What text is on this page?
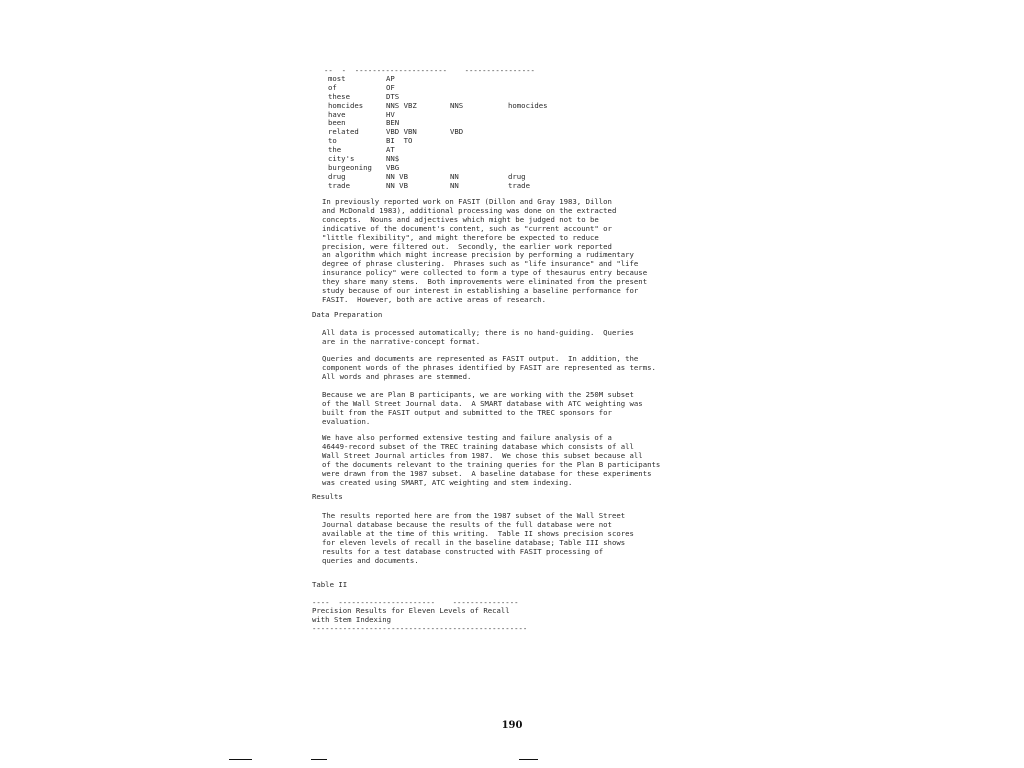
--  -  ---------------------    ----------------
most	AP
of	OF
these	DTS
homcides	NNS VBZ	NNS	homocides
have	HV
been	BEN
related	VBD VBN	VBD
to	BI  TO
the	AT
city's	NN$
burgeoning VBG
drug	NN VB	NN	drug
trade	NN VB	NN	trade
In previously reported work on FASIT (Dillon and Gray 1983, Dillon
and McDonald 1983), additional processing was done on the extracted
concepts.  Nouns and adjectives which might be judged not to be
indicative of the document's content, such as "current account" or
"little flexibility", and might therefore be expected to reduce
precision, were filtered out.  Secondly, the earlier work reported
an algorithm which might increase precision by performing a rudimentary
degree of phrase clustering.  Phrases such as "life insurance" and "life
insurance policy" were collected to form a type of thesaurus entry because
they share many stems.  Both improvements were eliminated from the present
study because of our interest in establishing a baseline performance for
FASIT.  However, both are active areas of research.
Data Preparation
All data is processed automatically; there is no hand-guiding.  Queries
are in the narrative-concept format.
Queries and documents are represented as FASIT output.  In addition, the
component words of the phrases identified by FASIT are represented as terms.
All words and phrases are stemmed.
Because we are Plan B participants, we are working with the 250M subset
of the Wall Street Journal data.  A SMART database with ATC weighting was
built from the FASIT output and submitted to the TREC sponsors for
evaluation.
We have also performed extensive testing and failure analysis of a
46449-record subset of the TREC training database which consists of all
Wall Street Journal articles from 1987.  We chose this subset because all
of the documents relevant to the training queries for the Plan B participants
were drawn from the 1987 subset.  A baseline database for these experiments
was created using SMART, ATC weighting and stem indexing.
Results
The results reported here are from the 1987 subset of the Wall Street
Journal database because the results of the full database were not
available at the time of this writing.  Table II shows precision scores
for eleven levels of recall in the baseline database; Table III shows
results for a test database constructed with FASIT processing of
queries and documents.
Table II
----  ----------------------    ---------------
Precision Results for Eleven Levels of Recall
with Stem Indexing
-------------------------------------------------
190
